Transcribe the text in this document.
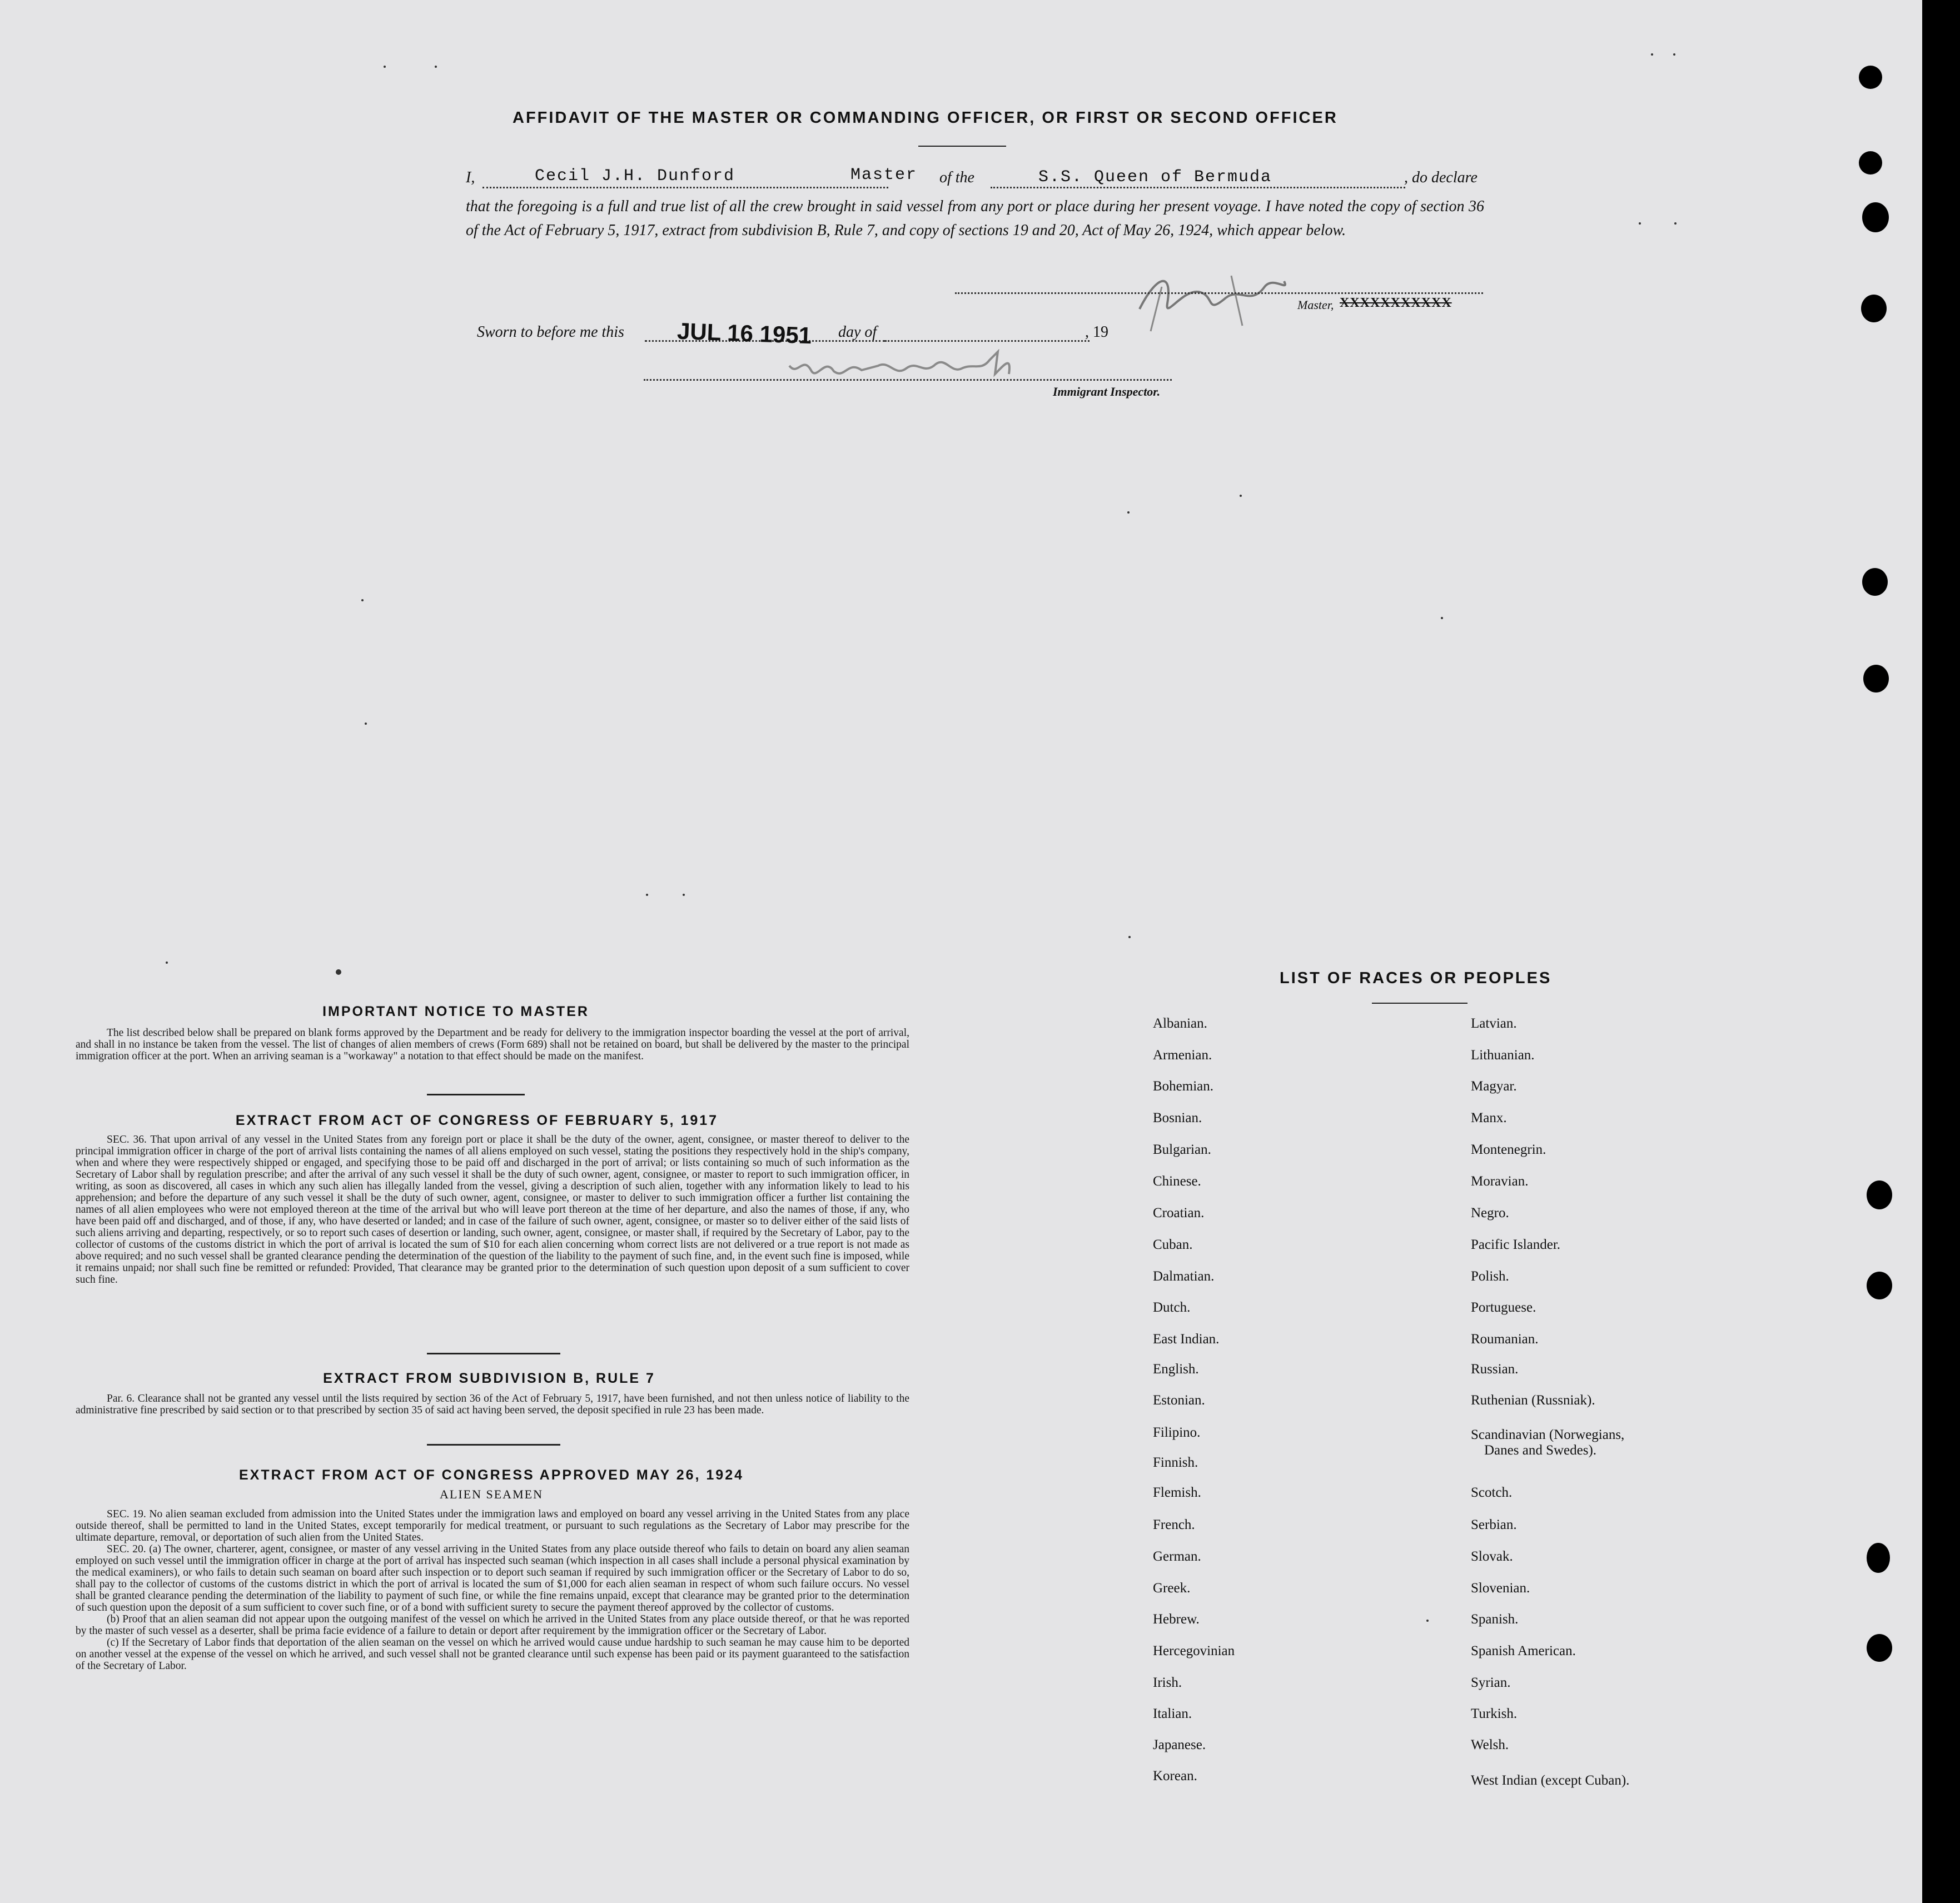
AFFIDAVIT OF THE MASTER OR COMMANDING OFFICER, OR FIRST OR SECOND OFFICER
I,	Cecil J.H. Dunford	Master of the	S.S. Queen of Bermuda	, do declare
that the foregoing is a full and true list of all the crew brought in said vessel from any port or place during her present voyage. I have noted the copy of section 36 of the Act of February 5, 1917, extract from subdivision B, Rule 7, and copy of sections 19 and 20, Act of May 26, 1924, which appear below.
Master, XXXXXXXXXXX
Sworn to before me this JUL 16 1951 day of	, 19
Immigrant Inspector.
IMPORTANT NOTICE TO MASTER
The list described below shall be prepared on blank forms approved by the Department and be ready for delivery to the immigration inspector boarding the vessel at the port of arrival, and shall in no instance be taken from the vessel. The list of changes of alien members of crews (Form 689) shall not be retained on board, but shall be delivered by the master to the principal immigration officer at the port. When an arriving seaman is a "workaway" a notation to that effect should be made on the manifest.
EXTRACT FROM ACT OF CONGRESS OF FEBRUARY 5, 1917
SEC. 36. That upon arrival of any vessel in the United States from any foreign port or place it shall be the duty of the owner, agent, consignee, or master thereof to deliver to the principal immigration officer in charge of the port of arrival lists containing the names of all aliens employed on such vessel, stating the positions they respectively hold in the ship's company, when and where they were respectively shipped or engaged, and specifying those to be paid off and discharged in the port of arrival; or lists containing so much of such information as the Secretary of Labor shall by regulation prescribe; and after the arrival of any such vessel it shall be the duty of such owner, agent, consignee, or master to report to such immigration officer, in writing, as soon as discovered, all cases in which any such alien has illegally landed from the vessel, giving a description of such alien, together with any information likely to lead to his apprehension; and before the departure of any such vessel it shall be the duty of such owner, agent, consignee, or master to deliver to such immigration officer a further list containing the names of all alien employees who were not employed thereon at the time of the arrival but who will leave port thereon at the time of her departure, and also the names of those, if any, who have been paid off and discharged, and of those, if any, who have deserted or landed; and in case of the failure of such owner, agent, consignee, or master so to deliver either of the said lists of such aliens arriving and departing, respectively, or so to report such cases of desertion or landing, such owner, agent, consignee, or master shall, if required by the Secretary of Labor, pay to the collector of customs of the customs district in which the port of arrival is located the sum of $10 for each alien concerning whom correct lists are not delivered or a true report is not made as above required; and no such vessel shall be granted clearance pending the determination of the question of the liability to the payment of such fine, and, in the event such fine is imposed, while it remains unpaid; nor shall such fine be remitted or refunded: Provided, That clearance may be granted prior to the determination of such question upon deposit of a sum sufficient to cover such fine.
EXTRACT FROM SUBDIVISION B, RULE 7
Par. 6. Clearance shall not be granted any vessel until the lists required by section 36 of the Act of February 5, 1917, have been furnished, and not then unless notice of liability to the administrative fine prescribed by said section or to that prescribed by section 35 of said act having been served, the deposit specified in rule 23 has been made.
EXTRACT FROM ACT OF CONGRESS APPROVED MAY 26, 1924
ALIEN SEAMEN
SEC. 19. No alien seaman excluded from admission into the United States under the immigration laws and employed on board any vessel arriving in the United States from any place outside thereof, shall be permitted to land in the United States, except temporarily for medical treatment, or pursuant to such regulations as the Secretary of Labor may prescribe for the ultimate departure, removal, or deportation of such alien from the United States.
SEC. 20. (a) The owner, charterer, agent, consignee, or master of any vessel arriving in the United States from any place outside thereof who fails to detain on board any alien seaman employed on such vessel until the immigration officer in charge at the port of arrival has inspected such seaman (which inspection in all cases shall include a personal physical examination by the medical examiners), or who fails to detain such seaman on board after such inspection or to deport such seaman if required by such immigration officer or the Secretary of Labor to do so, shall pay to the collector of customs of the customs district in which the port of arrival is located the sum of $1,000 for each alien seaman in respect of whom such failure occurs. No vessel shall be granted clearance pending the determination of the liability to payment of such fine, or while the fine remains unpaid, except that clearance may be granted prior to the determination of such question upon the deposit of a sum sufficient to cover such fine, or of a bond with sufficient surety to secure the payment thereof approved by the collector of customs.
(b) Proof that an alien seaman did not appear upon the outgoing manifest of the vessel on which he arrived in the United States from any place outside thereof, or that he was reported by the master of such vessel as a deserter, shall be prima facie evidence of a failure to detain or deport after requirement by the immigration officer or the Secretary of Labor.
(c) If the Secretary of Labor finds that deportation of the alien seaman on the vessel on which he arrived would cause undue hardship to such seaman he may cause him to be deported on another vessel at the expense of the vessel on which he arrived, and such vessel shall not be granted clearance until such expense has been paid or its payment guaranteed to the satisfaction of the Secretary of Labor.
LIST OF RACES OR PEOPLES
Albanian.
Armenian.
Bohemian.
Bosnian.
Bulgarian.
Chinese.
Croatian.
Cuban.
Dalmatian.
Dutch.
East Indian.
English.
Estonian.
Filipino.
Finnish.
Flemish.
French.
German.
Greek.
Hebrew.
Hercegovinian
Irish.
Italian.
Japanese.
Korean.
Latvian.
Lithuanian.
Magyar.
Manx.
Montenegrin.
Moravian.
Negro.
Pacific Islander.
Polish.
Portuguese.
Roumanian.
Russian.
Ruthenian (Russniak).
Scandinavian (Norwegians,
Danes and Swedes).
Scotch.
Serbian.
Slovak.
Slovenian.
Spanish.
Spanish American.
Syrian.
Turkish.
Welsh.
West Indian (except Cuban).
